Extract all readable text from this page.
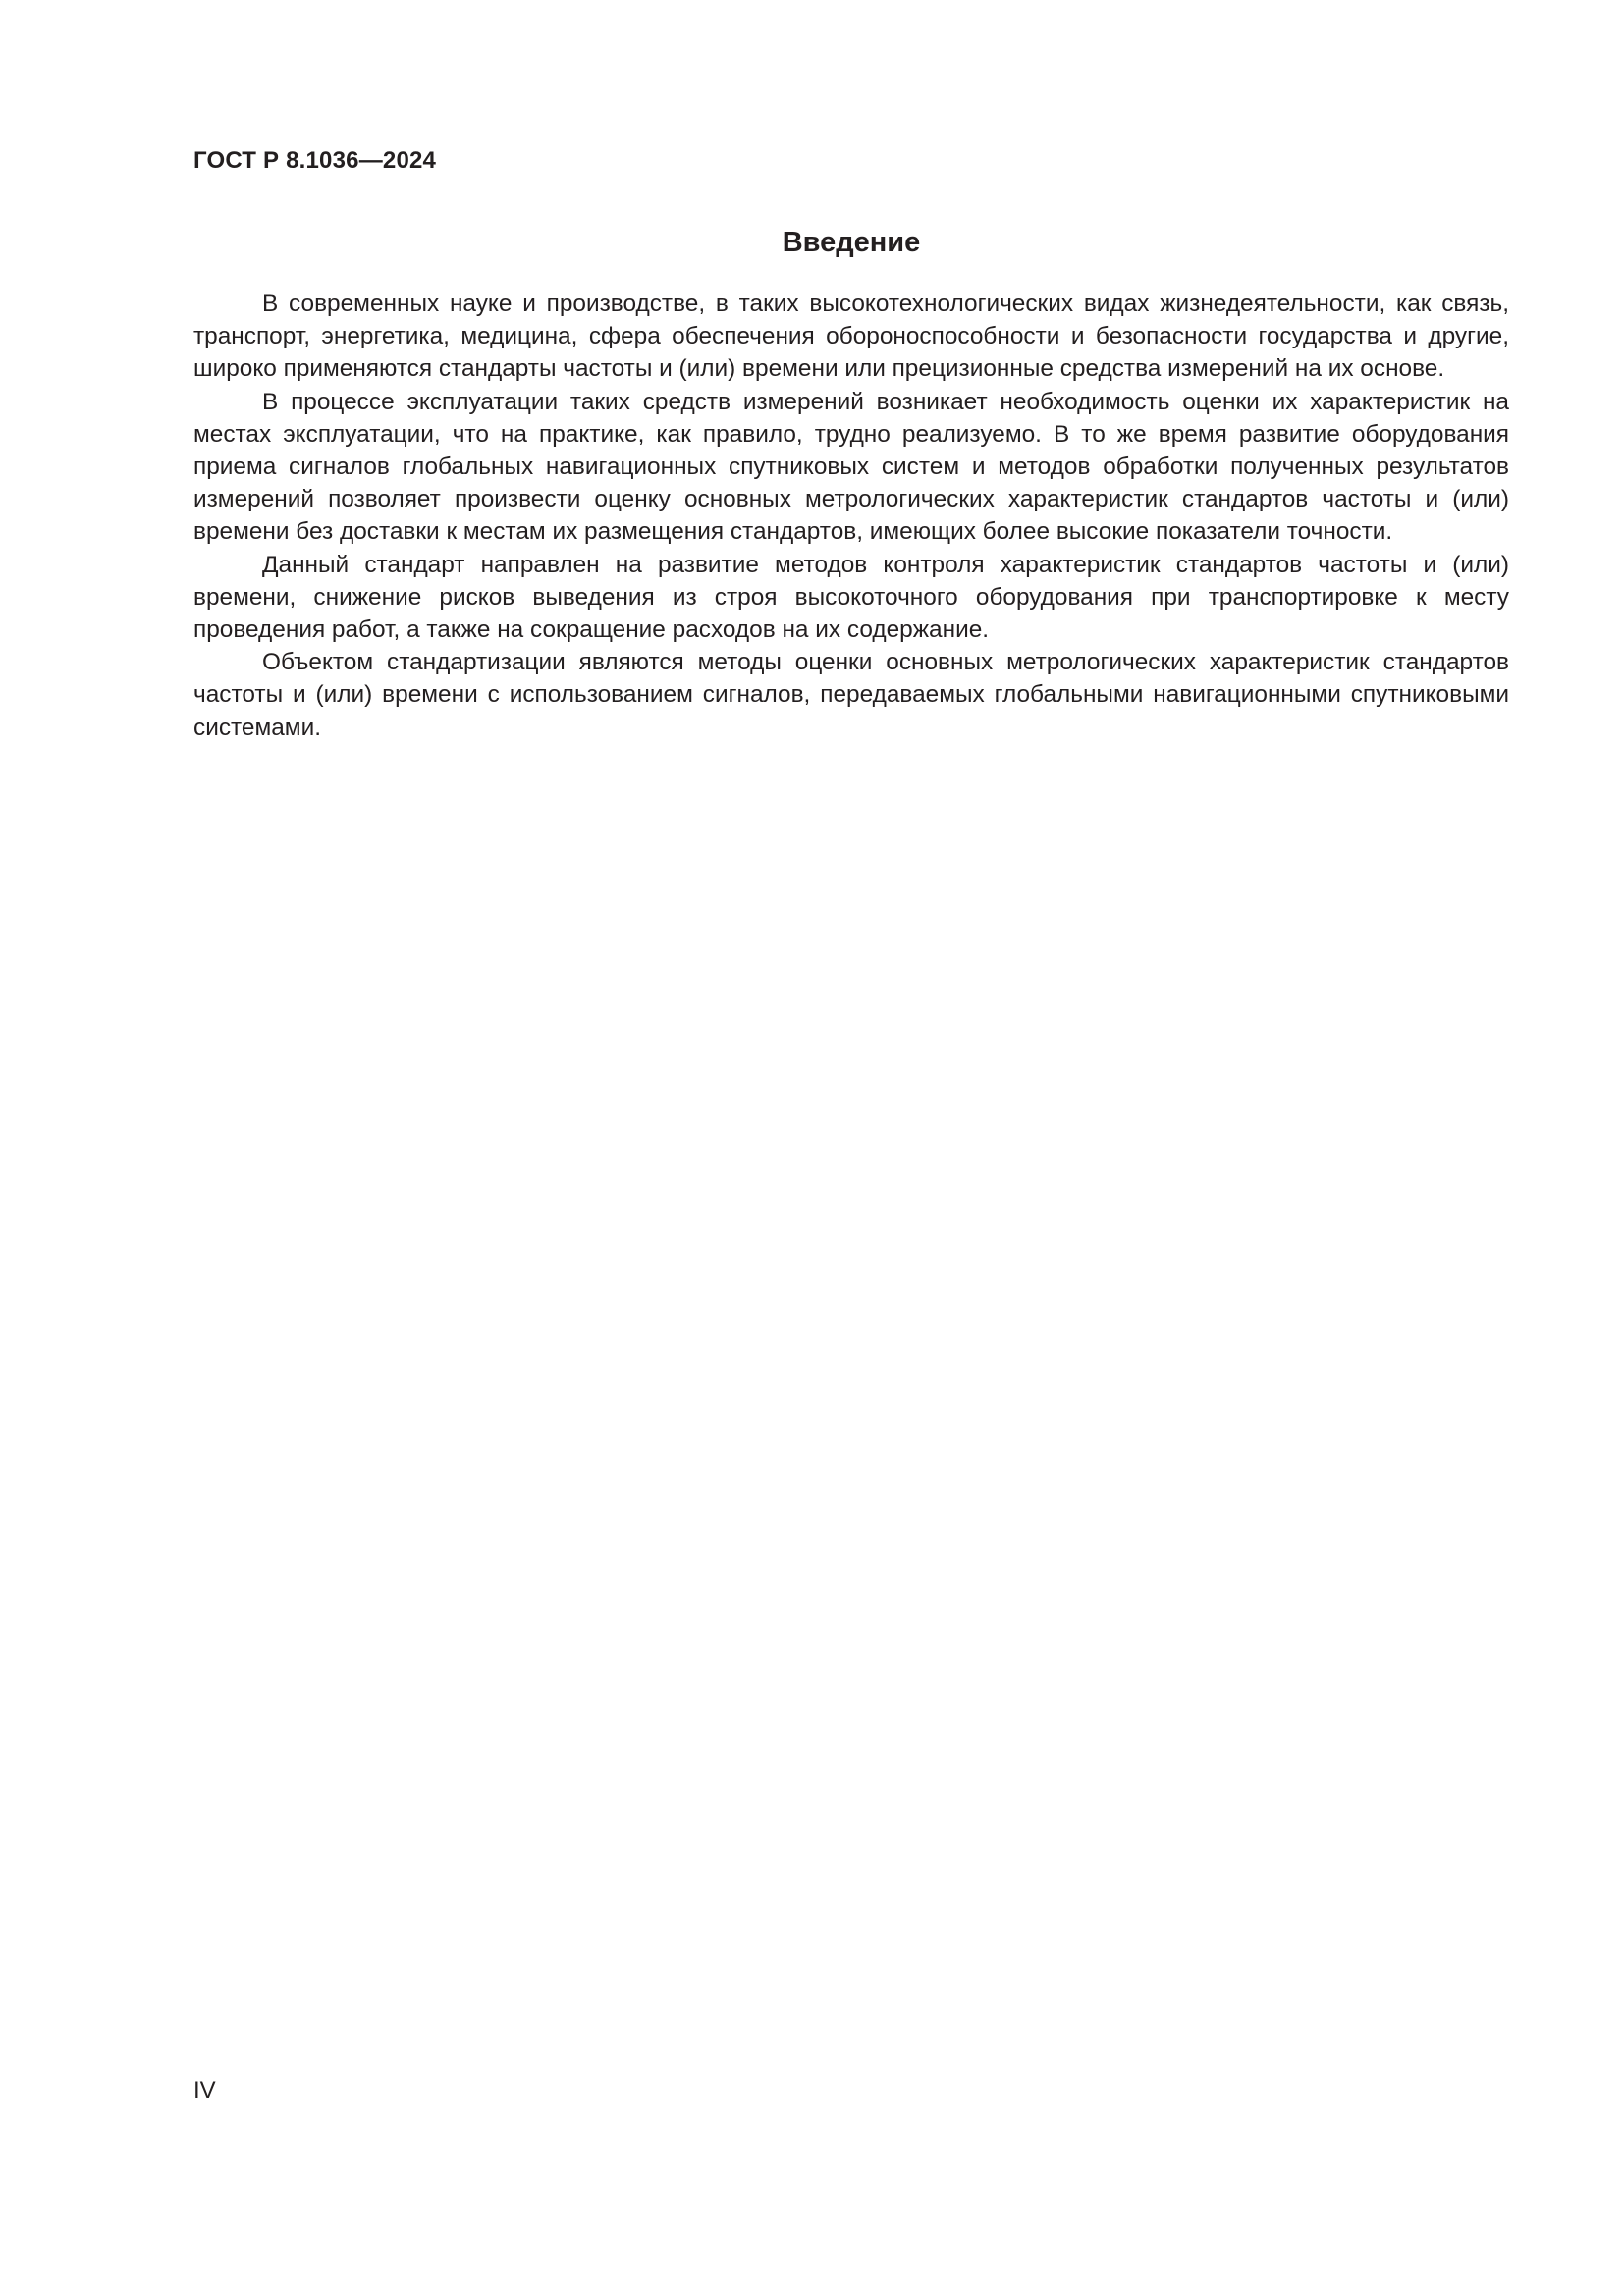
ГОСТ Р 8.1036—2024
Введение

В современных науке и производстве, в таких высокотехнологических видах жизнедеятельности, как связь, транспорт, энергетика, медицина, сфера обеспечения обороноспособности и безопасности государства и другие, широко применяются стандарты частоты и (или) времени или прецизионные средства измерений на их основе.

В процессе эксплуатации таких средств измерений возникает необходимость оценки их характеристик на местах эксплуатации, что на практике, как правило, трудно реализуемо. В то же время развитие оборудования приема сигналов глобальных навигационных спутниковых систем и методов обработки полученных результатов измерений позволяет произвести оценку основных метрологических характеристик стандартов частоты и (или) времени без доставки к местам их размещения стандартов, имеющих более высокие показатели точности.

Данный стандарт направлен на развитие методов контроля характеристик стандартов частоты и (или) времени, снижение рисков выведения из строя высокоточного оборудования при транспортировке к месту проведения работ, а также на сокращение расходов на их содержание.

Объектом стандартизации являются методы оценки основных метрологических характеристик стандартов частоты и (или) времени с использованием сигналов, передаваемых глобальными навигационными спутниковыми системами.

IV
